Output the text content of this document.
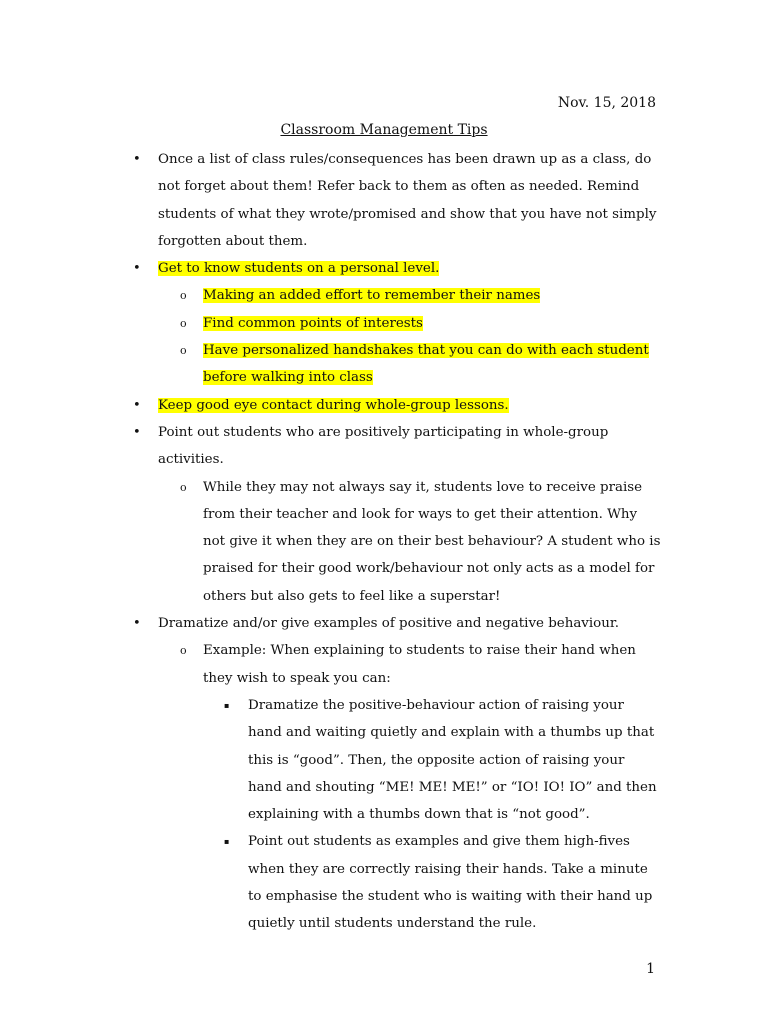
Nov. 15, 2018
Classroom Management Tips
• Once a list of class rules/consequences has been drawn up as a class, do not forget about them! Refer back to them as often as needed. Remind students of what they wrote/promised and show that you have not simply forgotten about them.
• Get to know students on a personal level.
o Making an added effort to remember their names
o Find common points of interests
o Have personalized handshakes that you can do with each student before walking into class
• Keep good eye contact during whole-group lessons.
• Point out students who are positively participating in whole-group activities.
o While they may not always say it, students love to receive praise from their teacher and look for ways to get their attention. Why not give it when they are on their best behaviour? A student who is praised for their good work/behaviour not only acts as a model for others but also gets to feel like a superstar!
• Dramatize and/or give examples of positive and negative behaviour.
o Example: When explaining to students to raise their hand when they wish to speak you can:
▪ Dramatize the positive-behaviour action of raising your hand and waiting quietly and explain with a thumbs up that this is “good”. Then, the opposite action of raising your hand and shouting “ME! ME! ME!” or “IO! IO! IO” and then explaining with a thumbs down that is “not good”.
▪ Point out students as examples and give them high-fives when they are correctly raising their hands. Take a minute to emphasise the student who is waiting with their hand up quietly until students understand the rule.
1
